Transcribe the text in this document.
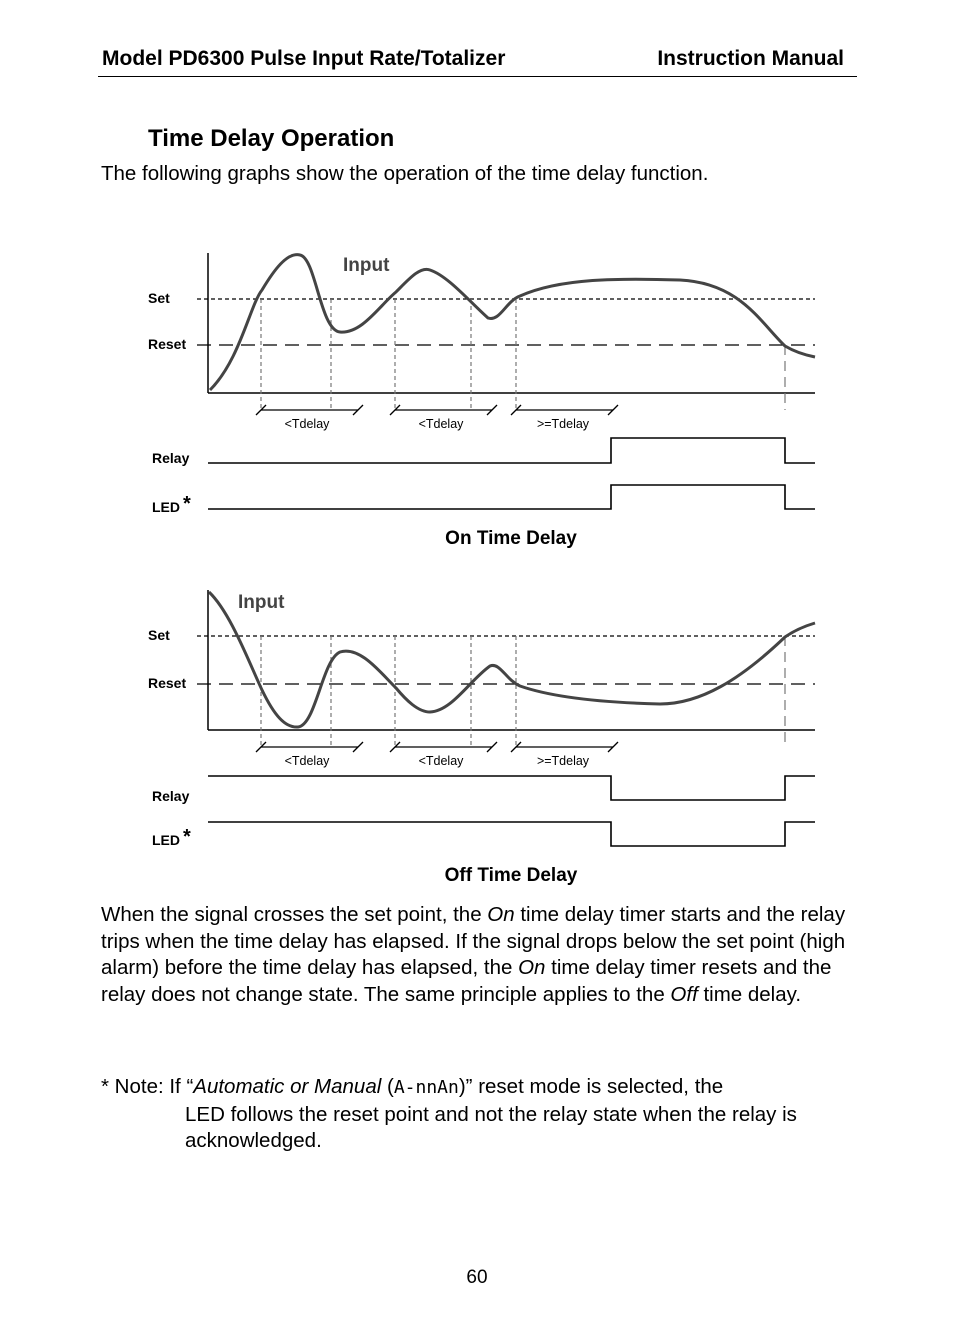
Model PD6300 Pulse Input Rate/Totalizer	Instruction Manual
Time Delay Operation
The following graphs show the operation of the time delay function.
<Tdelay	<Tdelay	>=Tdelay
Input
Set
Reset
Relay
LED *
On Time Delay
<Tdelay	<Tdelay	>=Tdelay
Input
Set
Reset
Relay
LED *
Off Time Delay
When the signal crosses the set point, the On time delay timer starts and the relay trips when the time delay has elapsed. If the signal drops below the set point (high alarm) before the time delay has elapsed, the On time delay timer resets and the relay does not change state. The same principle applies to the Off time delay.
* Note: If “Automatic or Manual (A-nnAn)” reset mode is selected, the
LED follows the reset point and not the relay state when the relay is acknowledged.
60
